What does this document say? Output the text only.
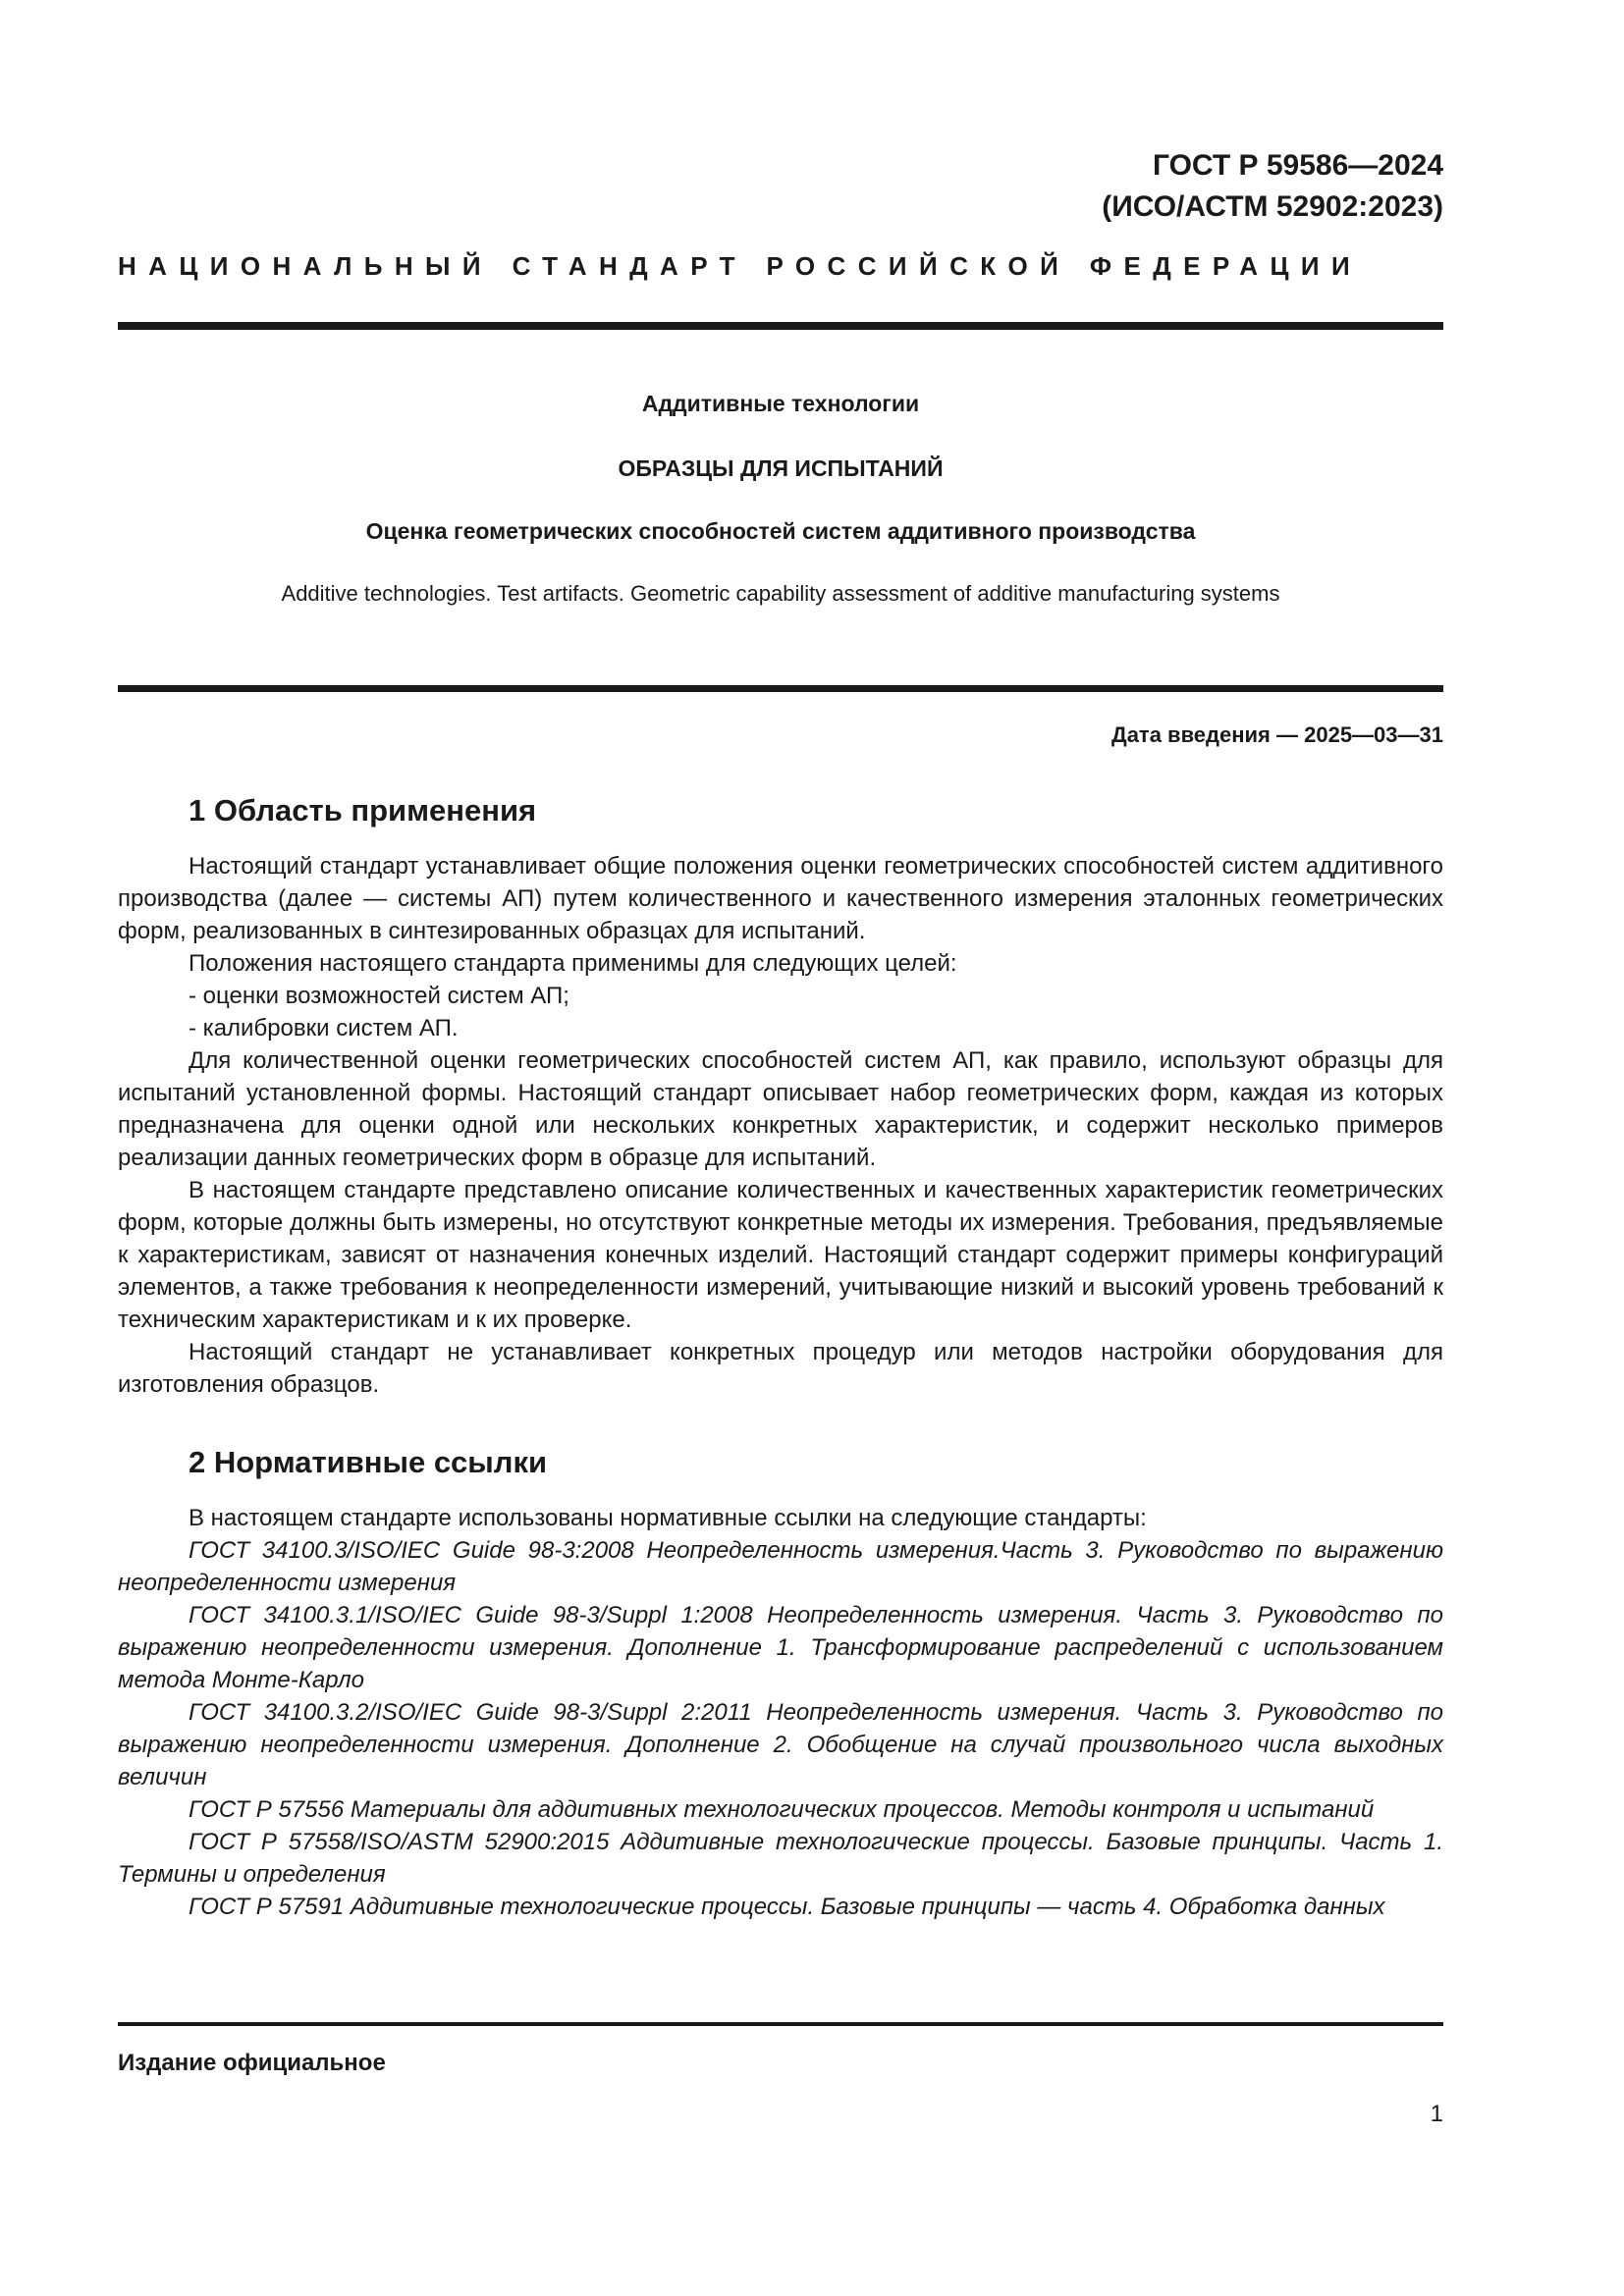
ГОСТ Р 59586—2024
(ИСО/АСТМ 52902:2023)
НАЦИОНАЛЬНЫЙ СТАНДАРТ РОССИЙСКОЙ ФЕДЕРАЦИИ
Аддитивные технологии
ОБРАЗЦЫ ДЛЯ ИСПЫТАНИЙ
Оценка геометрических способностей систем аддитивного производства
Additive technologies. Test artifacts. Geometric capability assessment of additive manufacturing systems
Дата введения — 2025—03—31
1 Область применения

Настоящий стандарт устанавливает общие положения оценки геометрических способностей систем аддитивного производства (далее — системы АП) путем количественного и качественного измерения эталонных геометрических форм, реализованных в синтезированных образцах для испытаний.

Положения настоящего стандарта применимы для следующих целей:

- оценки возможностей систем АП;

- калибровки систем АП.

Для количественной оценки геометрических способностей систем АП, как правило, используют образцы для испытаний установленной формы. Настоящий стандарт описывает набор геометрических форм, каждая из которых предназначена для оценки одной или нескольких конкретных характеристик, и содержит несколько примеров реализации данных геометрических форм в образце для испытаний.

В настоящем стандарте представлено описание количественных и качественных характеристик геометрических форм, которые должны быть измерены, но отсутствуют конкретные методы их измерения. Требования, предъявляемые к характеристикам, зависят от назначения конечных изделий. Настоящий стандарт содержит примеры конфигураций элементов, а также требования к неопределенности измерений, учитывающие низкий и высокий уровень требований к техническим характеристикам и к их проверке.

Настоящий стандарт не устанавливает конкретных процедур или методов настройки оборудования для изготовления образцов.

2 Нормативные ссылки

В настоящем стандарте использованы нормативные ссылки на следующие стандарты:

ГОСТ 34100.3/ISO/IEC Guide 98-3:2008 Неопределенность измерения.Часть 3. Руководство по выражению неопределенности измерения

ГОСТ 34100.3.1/ISO/IEC Guide 98-3/Suppl 1:2008 Неопределенность измерения. Часть 3. Руководство по выражению неопределенности измерения. Дополнение 1. Трансформирование распределений с использованием метода Монте-Карло

ГОСТ 34100.3.2/ISO/IEC Guide 98-3/Suppl 2:2011 Неопределенность измерения. Часть 3. Руководство по выражению неопределенности измерения. Дополнение 2. Обобщение на случай произвольного числа выходных величин

ГОСТ Р 57556 Материалы для аддитивных технологических процессов. Методы контроля и испытаний

ГОСТ Р 57558/ISO/ASTM 52900:2015 Аддитивные технологические процессы. Базовые принципы. Часть 1. Термины и определения

ГОСТ Р 57591 Аддитивные технологические процессы. Базовые принципы — часть 4. Обработка данных

Издание официальное
1
